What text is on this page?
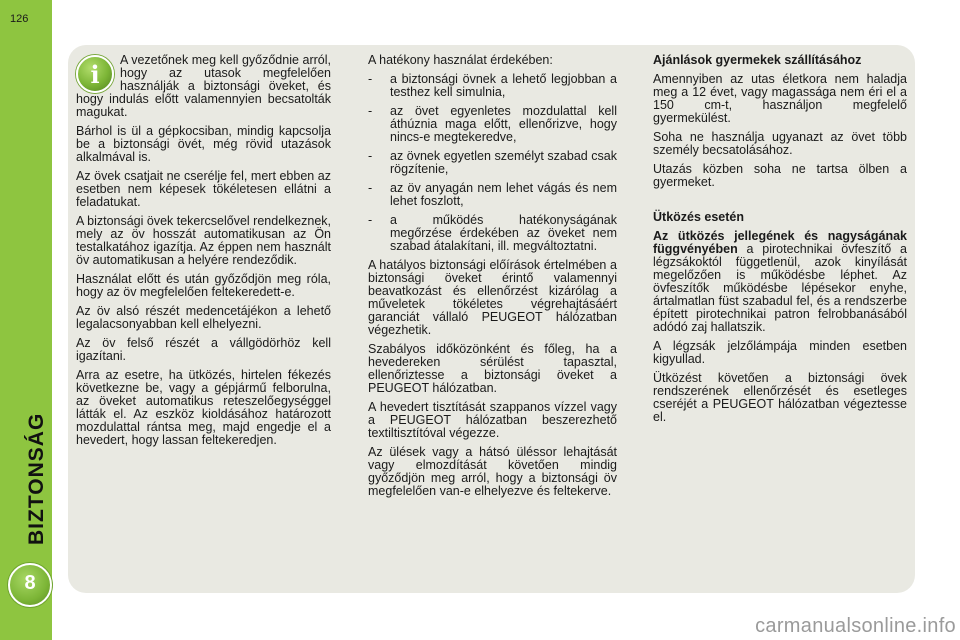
126
BIZTONSÁG
8
i	A vezetőnek meg kell győződnie arról, hogy az utasok megfelelően használják a biztonsági öveket, és hogy indulás előtt valamennyien becsatolták magukat.

Bárhol is ül a gépkocsiban, mindig kapcsolja be a biztonsági övét, még rövid utazások alkalmával is.

Az övek csatjait ne cserélje fel, mert ebben az esetben nem képesek tökéletesen ellátni a feladatukat.

A biztonsági övek tekercselővel rendelkeznek, mely az öv hosszát automatikusan az Ön testalkatához igazítja. Az éppen nem használt öv automatikusan a helyére rendeződik.

Használat előtt és után győződjön meg róla, hogy az öv megfelelően feltekeredett-e.

Az öv alsó részét medencetájékon a lehető legalacsonyabban kell elhelyezni.

Az öv felső részét a vállgödörhöz kell igazítani.

Arra az esetre, ha ütközés, hirtelen fékezés következne be, vagy a gépjármű felborulna, az öveket automatikus reteszelőegységgel látták el. Az eszköz kioldásához határozott mozdulattal rántsa meg, majd engedje el a hevedert, hogy lassan feltekeredjen.

A hatékony használat érdekében:

- a biztonsági övnek a lehető legjobban a testhez kell simulnia,
- az övet egyenletes mozdulattal kell áthúznia maga előtt, ellenőrizve, hogy nincs-e megtekeredve,
- az övnek egyetlen személyt szabad csak rögzítenie,
- az öv anyagán nem lehet vágás és nem lehet foszlott,
- a működés hatékonyságának megőrzése érdekében az öveket nem szabad átalakítani, ill. megváltoztatni.

A hatályos biztonsági előírások értelmében a biztonsági öveket érintő valamennyi beavatkozást és ellenőrzést kizárólag a műveletek tökéletes végrehajtásáért garanciát vállaló PEUGEOT hálózatban végezhetik.

Szabályos időközönként és főleg, ha a hevedereken sérülést tapasztal, ellenőriztesse a biztonsági öveket a PEUGEOT hálózatban.

A hevedert tisztítását szappanos vízzel vagy a PEUGEOT hálózatban beszerezhető textiltisztítóval végezze.

Az ülések vagy a hátsó üléssor lehajtását vagy elmozdítását követően mindig győződjön meg arról, hogy a biztonsági öv megfelelően van-e elhelyezve és feltekerve.

Ajánlások gyermekek szállításához

Amennyiben az utas életkora nem haladja meg a 12 évet, vagy magassága nem éri el a 150 cm-t, használjon megfelelő gyermekülést.

Soha ne használja ugyanazt az övet több személy becsatolásához.

Utazás közben soha ne tartsa ölben a gyermeket.

Ütközés esetén

Az ütközés jellegének és nagyságának függvényében a pirotechnikai övfeszítő a légzsákoktól függetlenül, azok kinyílását megelőzően is működésbe léphet. Az övfeszítők működésbe lépésekor enyhe, ártalmatlan füst szabadul fel, és a rendszerbe épített pirotechnikai patron felrobbanásából adódó zaj hallatszik.

A légzsák jelzőlámpája minden esetben kigyullad.

Ütközést követően a biztonsági övek rendszerének ellenőrzését és esetleges cseréjét a PEUGEOT hálózatban végeztesse el.

carmanualsonline.info
